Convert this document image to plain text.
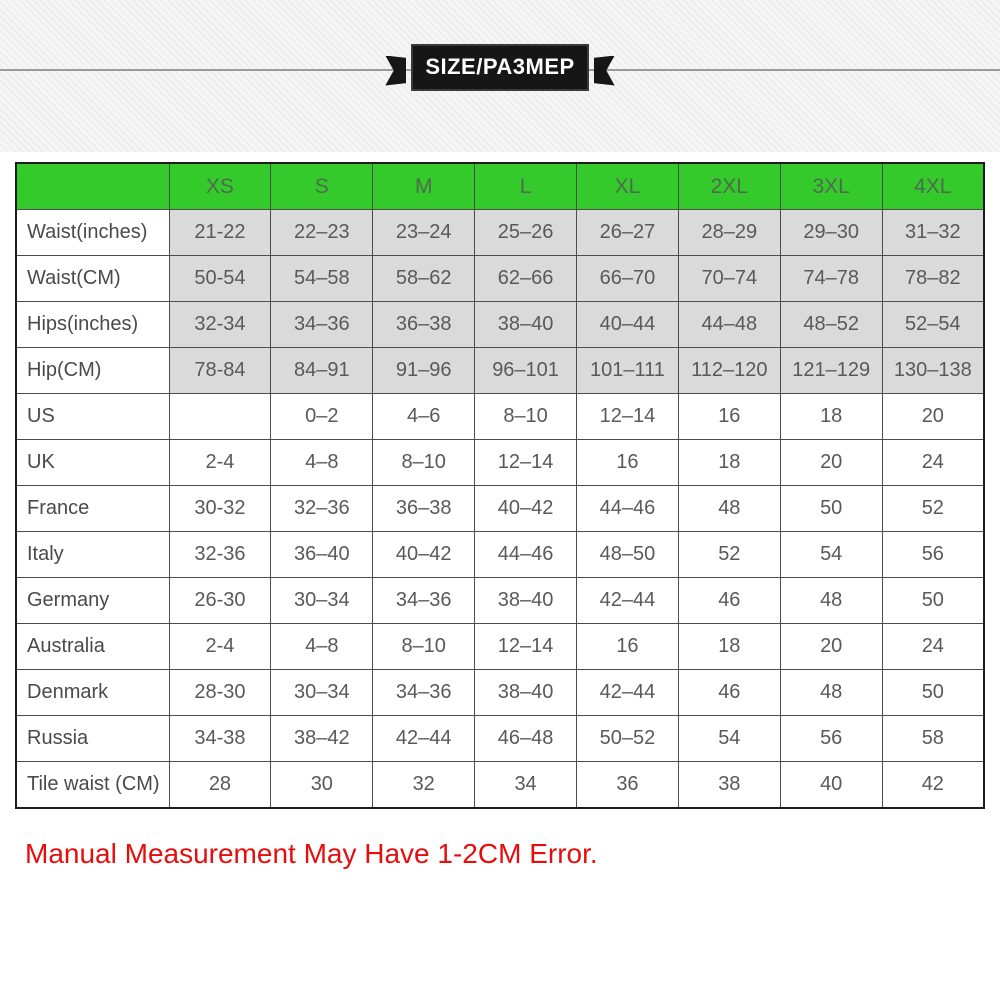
SIZE/PA3MEP
	XS	S	M	L	XL	2XL	3XL	4XL
Waist(inches)	21-22	22–23	23–24	25–26	26–27	28–29	29–30	31–32
Waist(CM)	50-54	54–58	58–62	62–66	66–70	70–74	74–78	78–82
Hips(inches)	32-34	34–36	36–38	38–40	40–44	44–48	48–52	52–54
Hip(CM)	78-84	84–91	91–96	96–101	101–111	112–120	121–129	130–138
US		0–2	4–6	8–10	12–14	16	18	20
UK	2-4	4–8	8–10	12–14	16	18	20	24
France	30-32	32–36	36–38	40–42	44–46	48	50	52
Italy	32-36	36–40	40–42	44–46	48–50	52	54	56
Germany	26-30	30–34	34–36	38–40	42–44	46	48	50
Australia	2-4	4–8	8–10	12–14	16	18	20	24
Denmark	28-30	30–34	34–36	38–40	42–44	46	48	50
Russia	34-38	38–42	42–44	46–48	50–52	54	56	58
Tile waist (CM)	28	30	32	34	36	38	40	42
Manual Measurement May Have 1-2CM Error.
